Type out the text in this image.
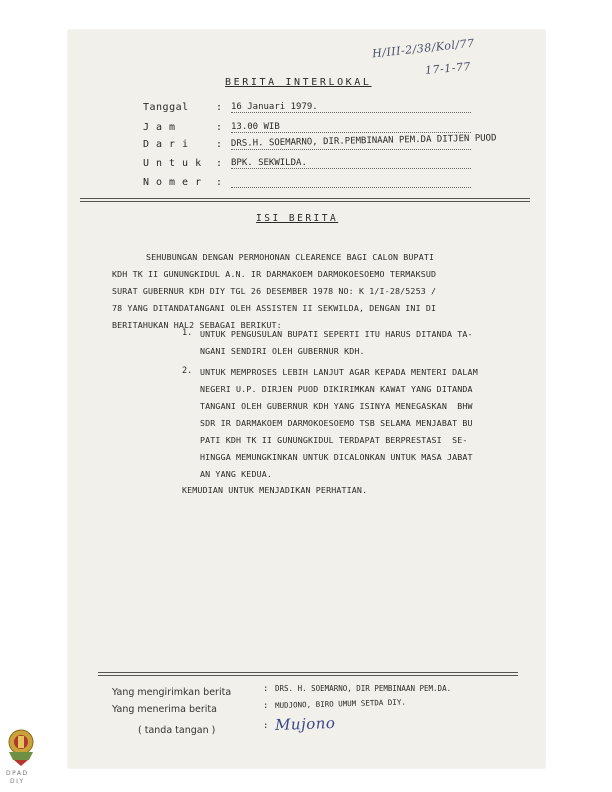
H/III-2/38/Kol/77
17-1-77
BERITA INTERLOKAL
Tanggal	: 16 Januari 1979.
Jam	: 13.00 WIB
Dari	: DRS.H. SOEMARNO, DIR.PEMBINAAN PEM.DA DITJEN PUOD
Untuk : BPK. SEKWILDA.
Nomer :
ISI BERITA
SEHUBUNGAN DENGAN PERMOHONAN CLEARENCE BAGI CALON BUPATI
KDH TK II GUNUNGKIDUL A.N. IR DARMAKOEM DARMOKOESOEMO TERMAKSUD
SURAT GUBERNUR KDH DIY TGL 26 DESEMBER 1978 NO: K 1/I-28/5253 /
78 YANG DITANDATANGANI OLEH ASSISTEN II SEKWILDA, DENGAN INI DI
BERITAHUKAN HAL2 SEBAGAI BERIKUT:
1. UNTUK PENGUSULAN BUPATI SEPERTI ITU HARUS DITANDA TA-
NGANI SENDIRI OLEH GUBERNUR KDH.
2. UNTUK MEMPROSES LEBIH LANJUT AGAR KEPADA MENTERI DALAM
NEGERI U.P. DIRJEN PUOD DIKIRIMKAN KAWAT YANG DITANDA
TANGANI OLEH GUBERNUR KDH YANG ISINYA MENEGASKAN  BHW
SDR IR DARMAKOEM DARMOKOESOEMO TSB SELAMA MENJABAT BU
PATI KDH TK II GUNUNGKIDUL TERDAPAT BERPRESTASI  SE-
HINGGA MEMUNGKINKAN UNTUK DICALONKAN UNTUK MASA JABAT
AN YANG KEDUA.
KEMUDIAN UNTUK MENJADIKAN PERHATIAN.
Yang mengirimkan berita	: DRS. H. SOEMARNO, DIR PEMBINAAN PEM.DA.
Yang menerima berita	: MUDJONO, BIRO UMUM SETDA DIY.
( tanda tangan )	: Mujono
DPAD
DIY
